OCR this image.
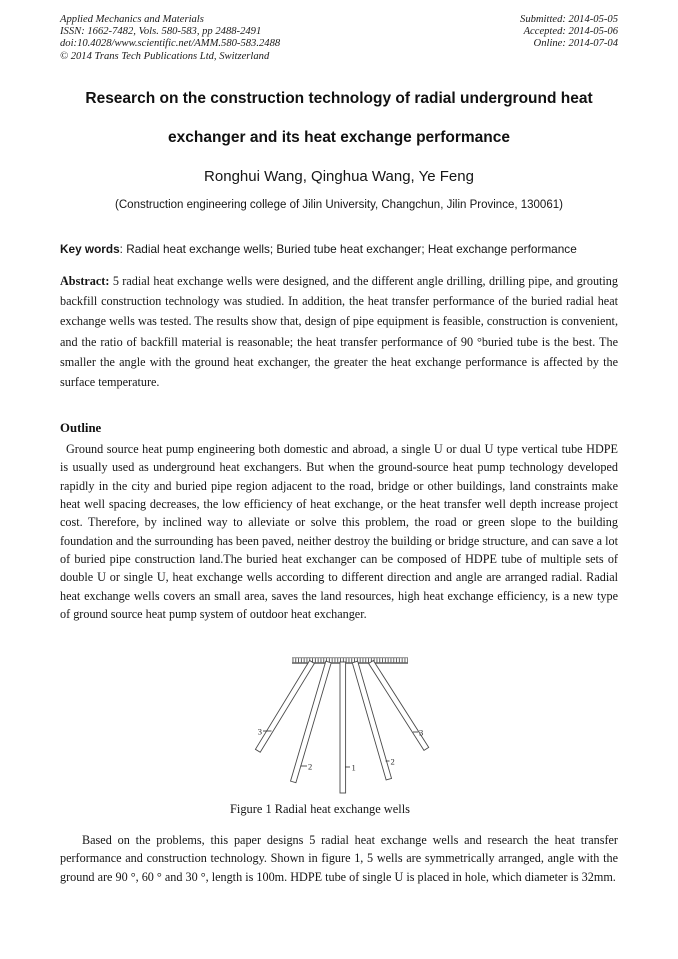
Applied Mechanics and Materials
ISSN: 1662-7482, Vols. 580-583, pp 2488-2491
doi:10.4028/www.scientific.net/AMM.580-583.2488
© 2014 Trans Tech Publications Ltd, Switzerland
Submitted: 2014-05-05
Accepted: 2014-05-06
Online: 2014-07-04
Research on the construction technology of radial underground heat
exchanger and its heat exchange performance
Ronghui Wang, Qinghua Wang, Ye Feng
(Construction engineering college of Jilin University, Changchun, Jilin Province, 130061)
Key words: Radial heat exchange wells; Buried tube heat exchanger; Heat exchange performance

Abstract: 5 radial heat exchange wells were designed, and the different angle drilling, drilling pipe, and grouting backfill construction technology was studied. In addition, the heat transfer performance of the buried radial heat exchange wells was tested. The results show that, design of pipe equipment is feasible, construction is convenient, and the ratio of backfill material is reasonable; the heat transfer performance of 90 °buried tube is the best. The smaller the angle with the ground heat exchanger, the greater the heat exchange performance is affected by the surface temperature.

Outline

Ground source heat pump engineering both domestic and abroad, a single U or dual U type vertical tube HDPE is usually used as underground heat exchangers. But when the ground-source heat pump technology developed rapidly in the city and buried pipe region adjacent to the road, bridge or other buildings, land constraints make heat well spacing decreases, the low efficiency of heat exchange, or the heat transfer well depth increase project cost. Therefore, by inclined way to alleviate or solve this problem, the road or green slope to the building foundation and the surrounding has been paved, neither destroy the building or bridge structure, and can save a lot of buried pipe construction land.The buried heat exchanger can be composed of HDPE tube of multiple sets of double U or single U, heat exchange wells according to different direction and angle are arranged radial. Radial heat exchange wells covers an small area, saves the land resources, high heat exchange efficiency, is a new type of ground source heat pump system of outdoor heat exchanger.

3
2	1
2
3
Figure 1 Radial heat exchange wells

Based on the problems, this paper designs 5 radial heat exchange wells and research the heat transfer performance and construction technology. Shown in figure 1, 5 wells are symmetrically arranged, angle with the ground are 90 °, 60 ° and 30 °, length is 100m. HDPE tube of single U is placed in hole, which diameter is 32mm.
